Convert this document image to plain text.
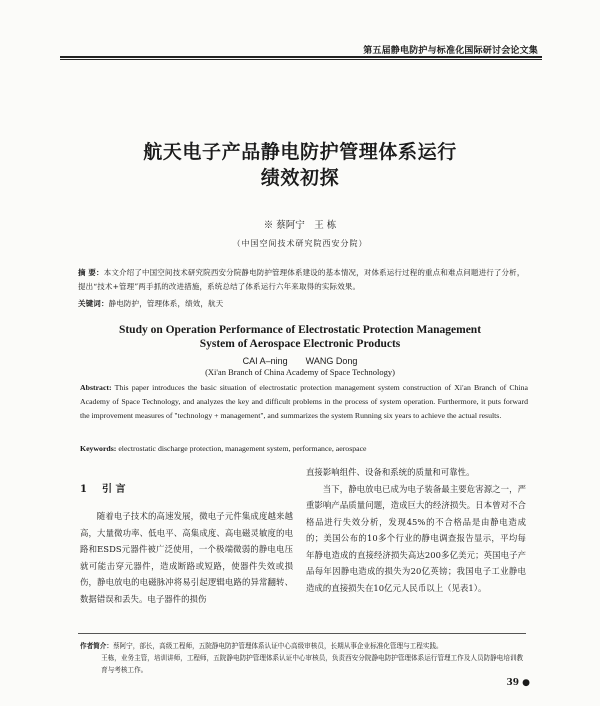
第五届静电防护与标准化国际研讨会论文集
航天电子产品静电防护管理体系运行
绩效初探
※ 蔡阿宁　王 栋
（中国空间技术研究院西安分院）
摘 要：本文介绍了中国空间技术研究院西安分院静电防护管理体系建设的基本情况，对体系运行过程的重点和难点问题进行了分析，提出“技术+管理”两手抓的改进措施，系统总结了体系运行六年来取得的实际效果。
关键词：静电防护，管理体系，绩效，航天
Study on Operation Performance of Electrostatic Protection Management
System of Aerospace Electronic Products
CAI A–ning　　WANG Dong
(Xi'an Branch of China Academy of Space Technology)
Abstract: This paper introduces the basic situation of electrostatic protection management system construction of Xi'an Branch of China Academy of Space Technology, and analyzes the key and difficult problems in the process of system operation. Furthermore, it puts forward the improvement measures of "technology + management", and summarizes the system Running six years to achieve the actual results.
Keywords: electrostatic discharge protection, management system, performance, aerospace
1 引 言

随着电子技术的高速发展，微电子元件集成度越来越高，大量微功率、低电平、高集成度、高电磁灵敏度的电路和ESDS元器件被广泛使用，一个极端微弱的静电电压就可能击穿元器件，造成断路或短路，使器件失效或损伤，静电放电的电磁脉冲将易引起逻辑电路的异常翻转、数据错误和丢失。电子器件的损伤

直接影响组件、设备和系统的质量和可靠性。

当下，静电放电已成为电子装备最主要危害源之一，严重影响产品质量问题，造成巨大的经济损失。日本曾对不合格品进行失效分析，发现45%的不合格品是由静电造成的；美国公布的10多个行业的静电调查报告显示，平均每年静电造成的直接经济损失高达200多亿美元；英国电子产品每年因静电造成的损失为20亿英镑；我国电子工业静电造成的直接损失在10亿元人民币以上（见表1）。

作者简介：蔡阿宁，部长，高级工程师，五院静电防护管理体系认证中心高级审核员，长期从事企业标准化管理与工程实践。
王栋，业务主管，培训讲师，工程师，五院静电防护管理体系认证中心审核员，负责西安分院静电防护管理体系运行管理工作及人员防静电培训教育与考核工作。
39 ●
